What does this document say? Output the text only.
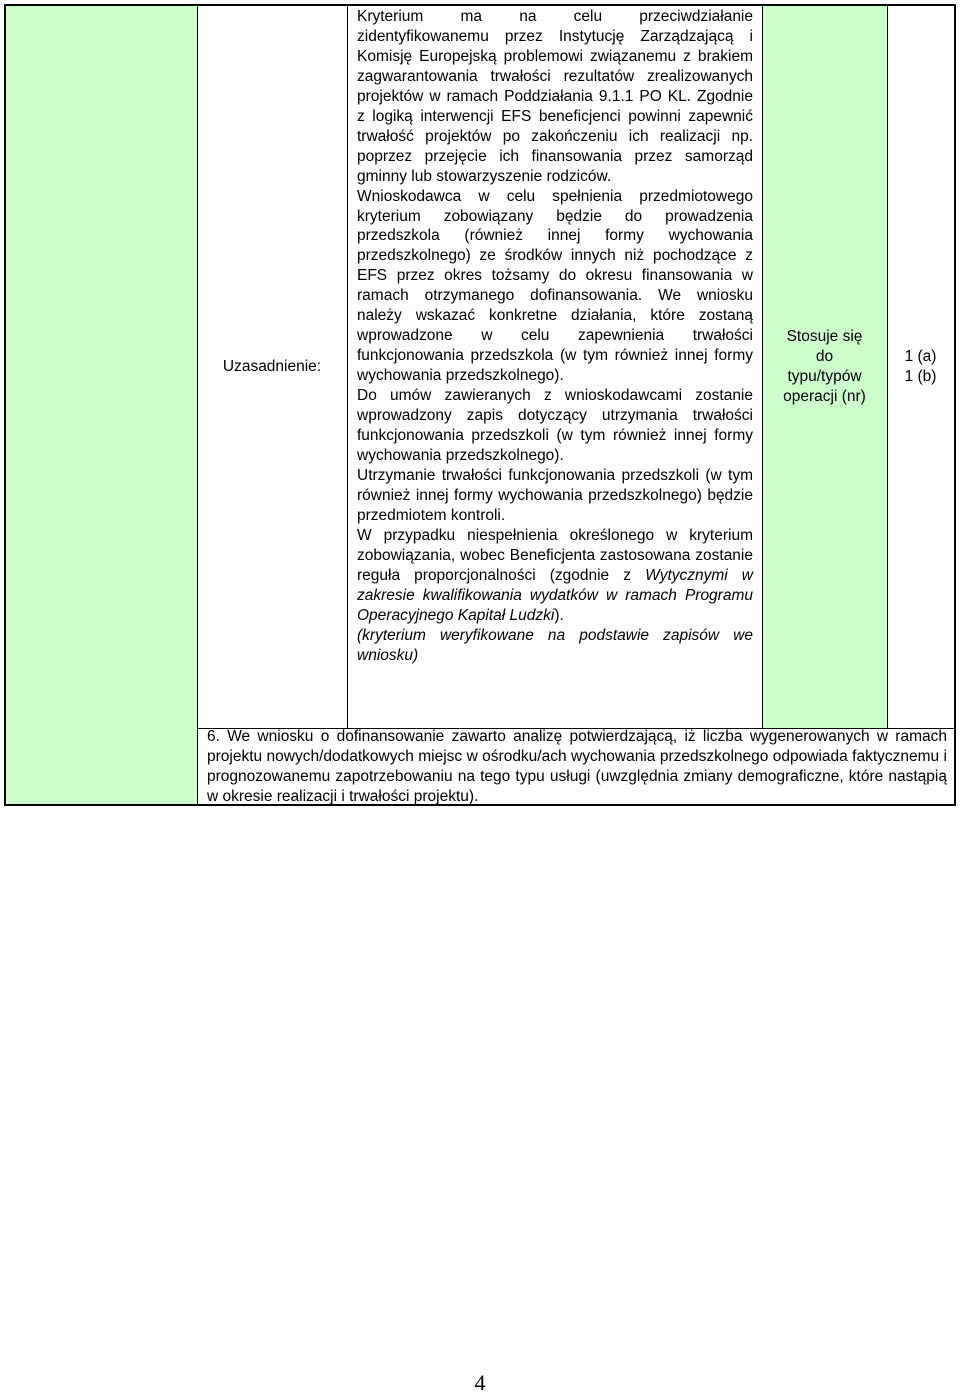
Uzasadnienie:

Kryterium ma na celu przeciwdziałanie zidentyfikowanemu przez Instytucję Zarządzającą i Komisję Europejską problemowi związanemu z brakiem zagwarantowania trwałości rezultatów zrealizowanych projektów w ramach Poddziałania 9.1.1 PO KL. Zgodnie z logiką interwencji EFS beneficjenci powinni zapewnić trwałość projektów po zakończeniu ich realizacji np. poprzez przejęcie ich finansowania przez samorząd gminny lub stowarzyszenie rodziców.

Wnioskodawca w celu spełnienia przedmiotowego kryterium zobowiązany będzie do prowadzenia przedszkola (również innej formy wychowania przedszkolnego) ze środków innych niż pochodzące z EFS przez okres tożsamy do okresu finansowania w ramach otrzymanego dofinansowania. We wniosku należy wskazać konkretne działania, które zostaną wprowadzone w celu zapewnienia trwałości funkcjonowania przedszkola (w tym również innej formy wychowania przedszkolnego).

Do umów zawieranych z wnioskodawcami zostanie wprowadzony zapis dotyczący utrzymania trwałości funkcjonowania przedszkoli (w tym również innej formy wychowania przedszkolnego).

Utrzymanie trwałości funkcjonowania przedszkoli (w tym również innej formy wychowania przedszkolnego) będzie przedmiotem kontroli.

W przypadku niespełnienia określonego w kryterium zobowiązania, wobec Beneficjenta zastosowana zostanie reguła proporcjonalności (zgodnie z Wytycznymi w zakresie kwalifikowania wydatków w ramach Programu Operacyjnego Kapitał Ludzki).

(kryterium weryfikowane na podstawie zapisów we wniosku)

Stosuje się
do
typu/typów
operacji (nr)
1 (a)
1 (b)

6. We wniosku o dofinansowanie zawarto analizę potwierdzającą, iż liczba wygenerowanych w ramach projektu nowych/dodatkowych miejsc w ośrodku/ach wychowania przedszkolnego odpowiada faktycznemu i prognozowanemu zapotrzebowaniu na tego typu usługi (uwzględnia zmiany demograficzne, które nastąpią w okresie realizacji i trwałości projektu).

4
